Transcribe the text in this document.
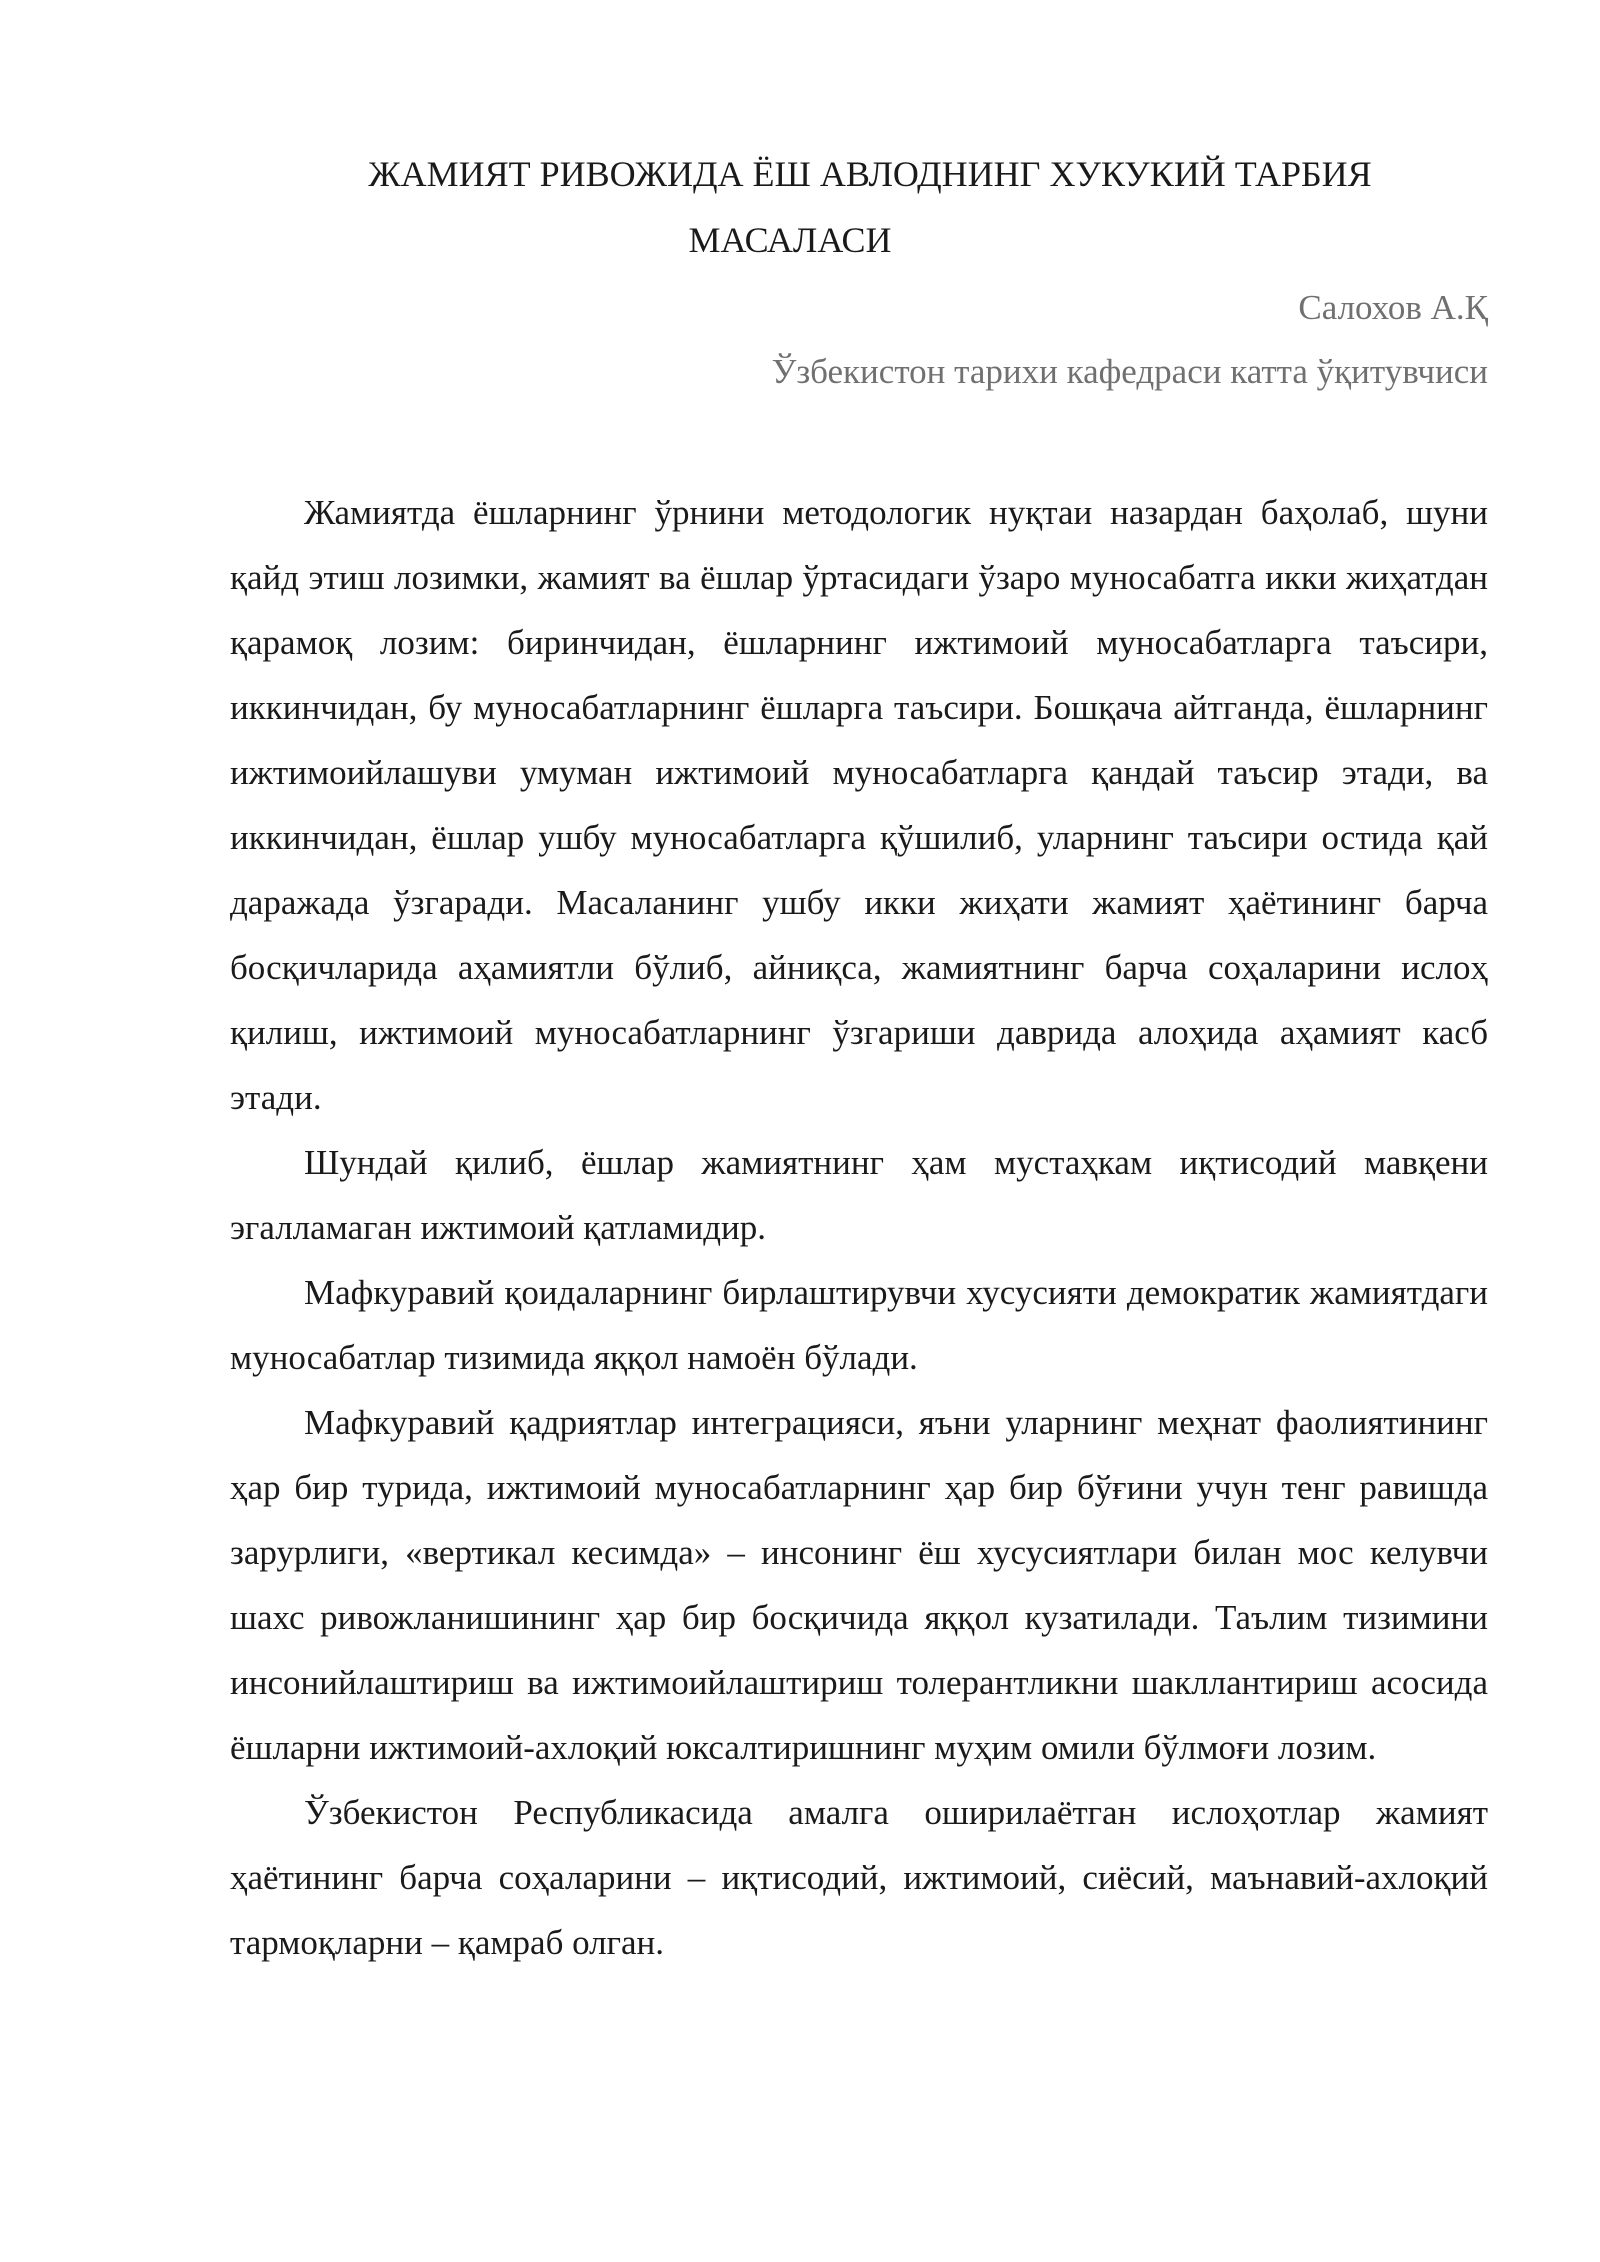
ЖАМИЯТ РИВОЖИДА ЁШ АВЛОДНИНГ ХУКУКИЙ ТАРБИЯ
МАСАЛАСИ

Салохов А.Қ

Ўзбекистон тарихи кафедраси катта ўқитувчиси

Жамиятда ёшларнинг ўрнини методологик нуқтаи назардан баҳолаб, шуни қайд этиш лозимки, жамият ва ёшлар ўртасидаги ўзаро муносабатга икки жиҳатдан қарамоқ лозим: биринчидан, ёшларнинг ижтимоий муносабатларга таъсири, иккинчидан, бу муносабатларнинг ёшларга таъсири. Бошқача айтганда, ёшларнинг ижтимоийлашуви умуман ижтимоий муносабатларга қандай таъсир этади, ва иккинчидан, ёшлар ушбу муносабатларга қўшилиб, уларнинг таъсири остида қай даражада ўзгаради. Масаланинг ушбу икки жиҳати жамият ҳаётининг барча босқичларида аҳамиятли бўлиб, айниқса, жамиятнинг барча соҳаларини ислоҳ қилиш, ижтимоий муносабатларнинг ўзгариши даврида алоҳида аҳамият касб этади.

Шундай қилиб, ёшлар жамиятнинг ҳам мустаҳкам иқтисодий мавқени эгалламаган ижтимоий қатламидир.

Мафкуравий қоидаларнинг бирлаштирувчи хусусияти демократик жамиятдаги муносабатлар тизимида яққол намоён бўлади.

Мафкуравий қадриятлар интеграцияси, яъни уларнинг меҳнат фаолиятининг ҳар бир турида, ижтимоий муносабатларнинг ҳар бир бўғини учун тенг равишда зарурлиги, «вертикал кесимда» – инсонинг ёш хусусиятлари билан мос келувчи шахс ривожланишининг ҳар бир босқичида яққол кузатилади. Таълим тизимини инсонийлаштириш ва ижтимоийлаштириш толерантликни шакллантириш асосида ёшларни ижтимоий-ахлоқий юксалтиришнинг муҳим омили бўлмоғи лозим.

Ўзбекистон Республикасида амалга оширилаётган ислоҳотлар жамият ҳаётининг барча соҳаларини – иқтисодий, ижтимоий, сиёсий, маънавий-ахлоқий тармоқларни – қамраб олган.
